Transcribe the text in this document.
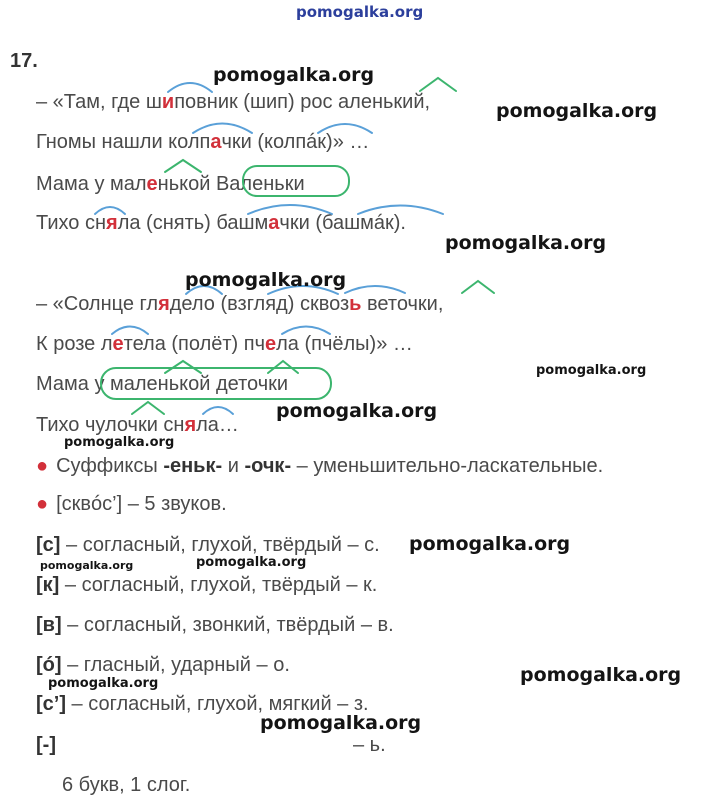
pomogalka.org
17.
– «Там, где шиповник (шип) рос аленький,
Гномы нашли колпачки (колпáк)» …
Мама у маленькой Валеньки
Тихо сняла (снять) башмачки (башмáк).
– «Солнце глядело (взгляд) сквозь веточки,
К розе летела (полёт) пчела (пчёлы)» …
Мама у маленькой деточки
Тихо чулочки сняла…
● Суффиксы -еньк- и -очк- – уменьшительно-ласкательные.
● [сквóс’] – 5 звуков.
[с] – согласный, глухой, твёрдый – с.
[к] – согласный, глухой, твёрдый – к.
[в] – согласный, звонкий, твёрдый – в.
[ó] – гласный, ударный – о.
[с’] – согласный, глухой, мягкий – з.
[-]	– ь.
6 букв, 1 слог.
pomogalka.org
pomogalka.org
pomogalka.org
pomogalka.org
pomogalka.org
pomogalka.org
pomogalka.org
pomogalka.org
pomogalka.org
pomogalka.org
pomogalka.org
pomogalka.org
pomogalka.org
